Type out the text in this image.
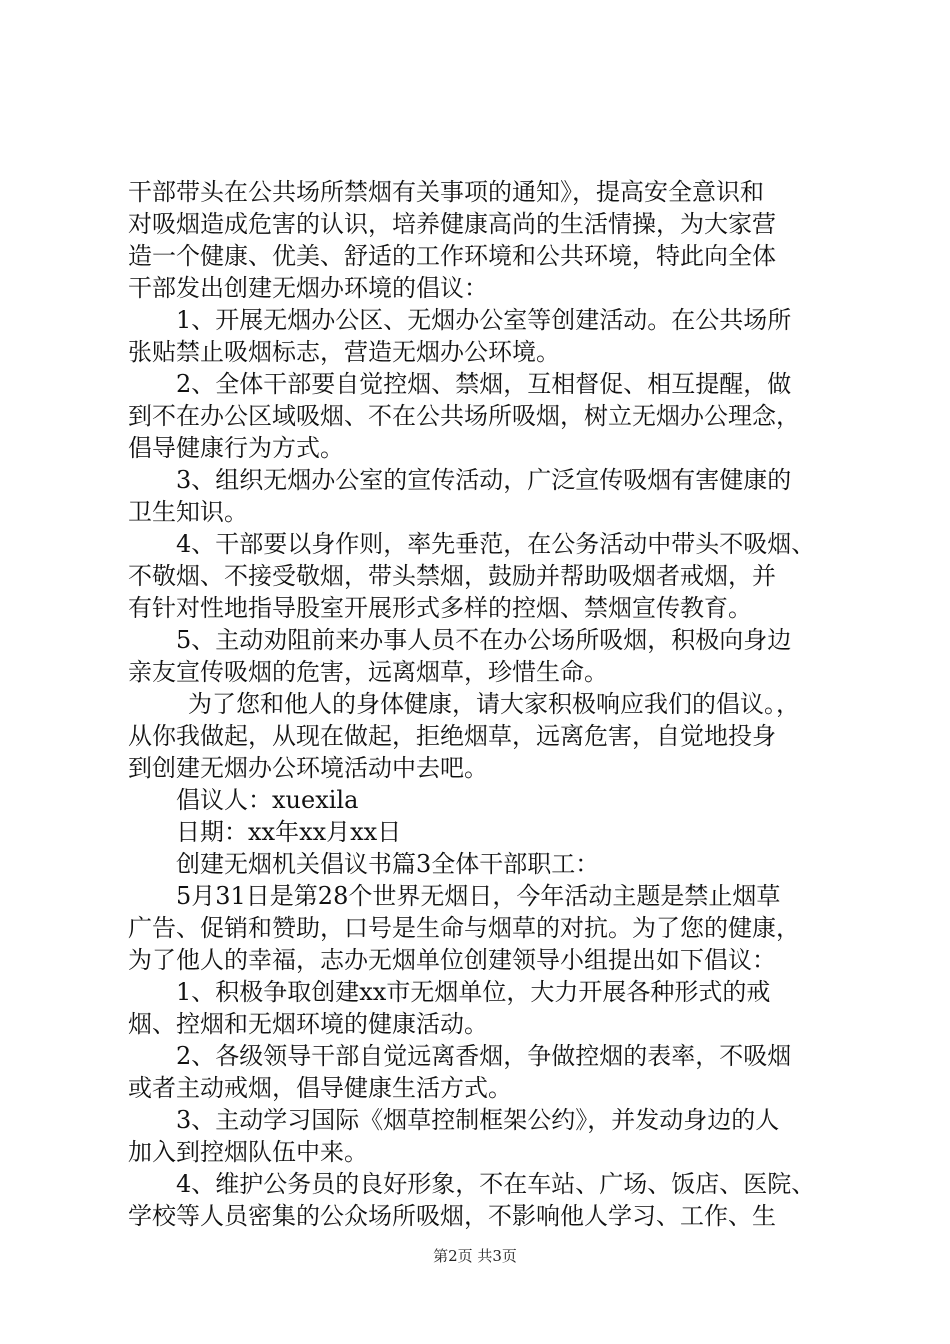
干部带头在公共场所禁烟有关事项的通知》，提高安全意识和
对吸烟造成危害的认识，培养健康高尚的生活情操，为大家营
造一个健康、优美、舒适的工作环境和公共环境，特此向全体
干部发出创建无烟办环境的倡议：
1、开展无烟办公区、无烟办公室等创建活动。在公共场所
张贴禁止吸烟标志，营造无烟办公环境。
2、全体干部要自觉控烟、禁烟，互相督促、相互提醒，做
到不在办公区域吸烟、不在公共场所吸烟，树立无烟办公理念，
倡导健康行为方式。
3、组织无烟办公室的宣传活动，广泛宣传吸烟有害健康的
卫生知识。
4、干部要以身作则，率先垂范，在公务活动中带头不吸烟、
不敬烟、不接受敬烟，带头禁烟，鼓励并帮助吸烟者戒烟，并
有针对性地指导股室开展形式多样的控烟、禁烟宣传教育。
5、主动劝阻前来办事人员不在办公场所吸烟，积极向身边
亲友宣传吸烟的危害，远离烟草，珍惜生命。
为了您和他人的身体健康，请大家积极响应我们的倡议。，
从你我做起，从现在做起，拒绝烟草，远离危害，自觉地投身
到创建无烟办公环境活动中去吧。
倡议人：xuexila
日期：xx年xx月xx日
创建无烟机关倡议书篇3全体干部职工：
5月31日是第28个世界无烟日，今年活动主题是禁止烟草
广告、促销和赞助，口号是生命与烟草的对抗。为了您的健康，
为了他人的幸福，志办无烟单位创建领导小组提出如下倡议：
1、积极争取创建xx市无烟单位，大力开展各种形式的戒
烟、控烟和无烟环境的健康活动。
2、各级领导干部自觉远离香烟，争做控烟的表率，不吸烟
或者主动戒烟，倡导健康生活方式。
3、主动学习国际《烟草控制框架公约》，并发动身边的人
加入到控烟队伍中来。
4、维护公务员的良好形象，不在车站、广场、饭店、医院、
学校等人员密集的公众场所吸烟，不影响他人学习、工作、生
第2页 共3页
